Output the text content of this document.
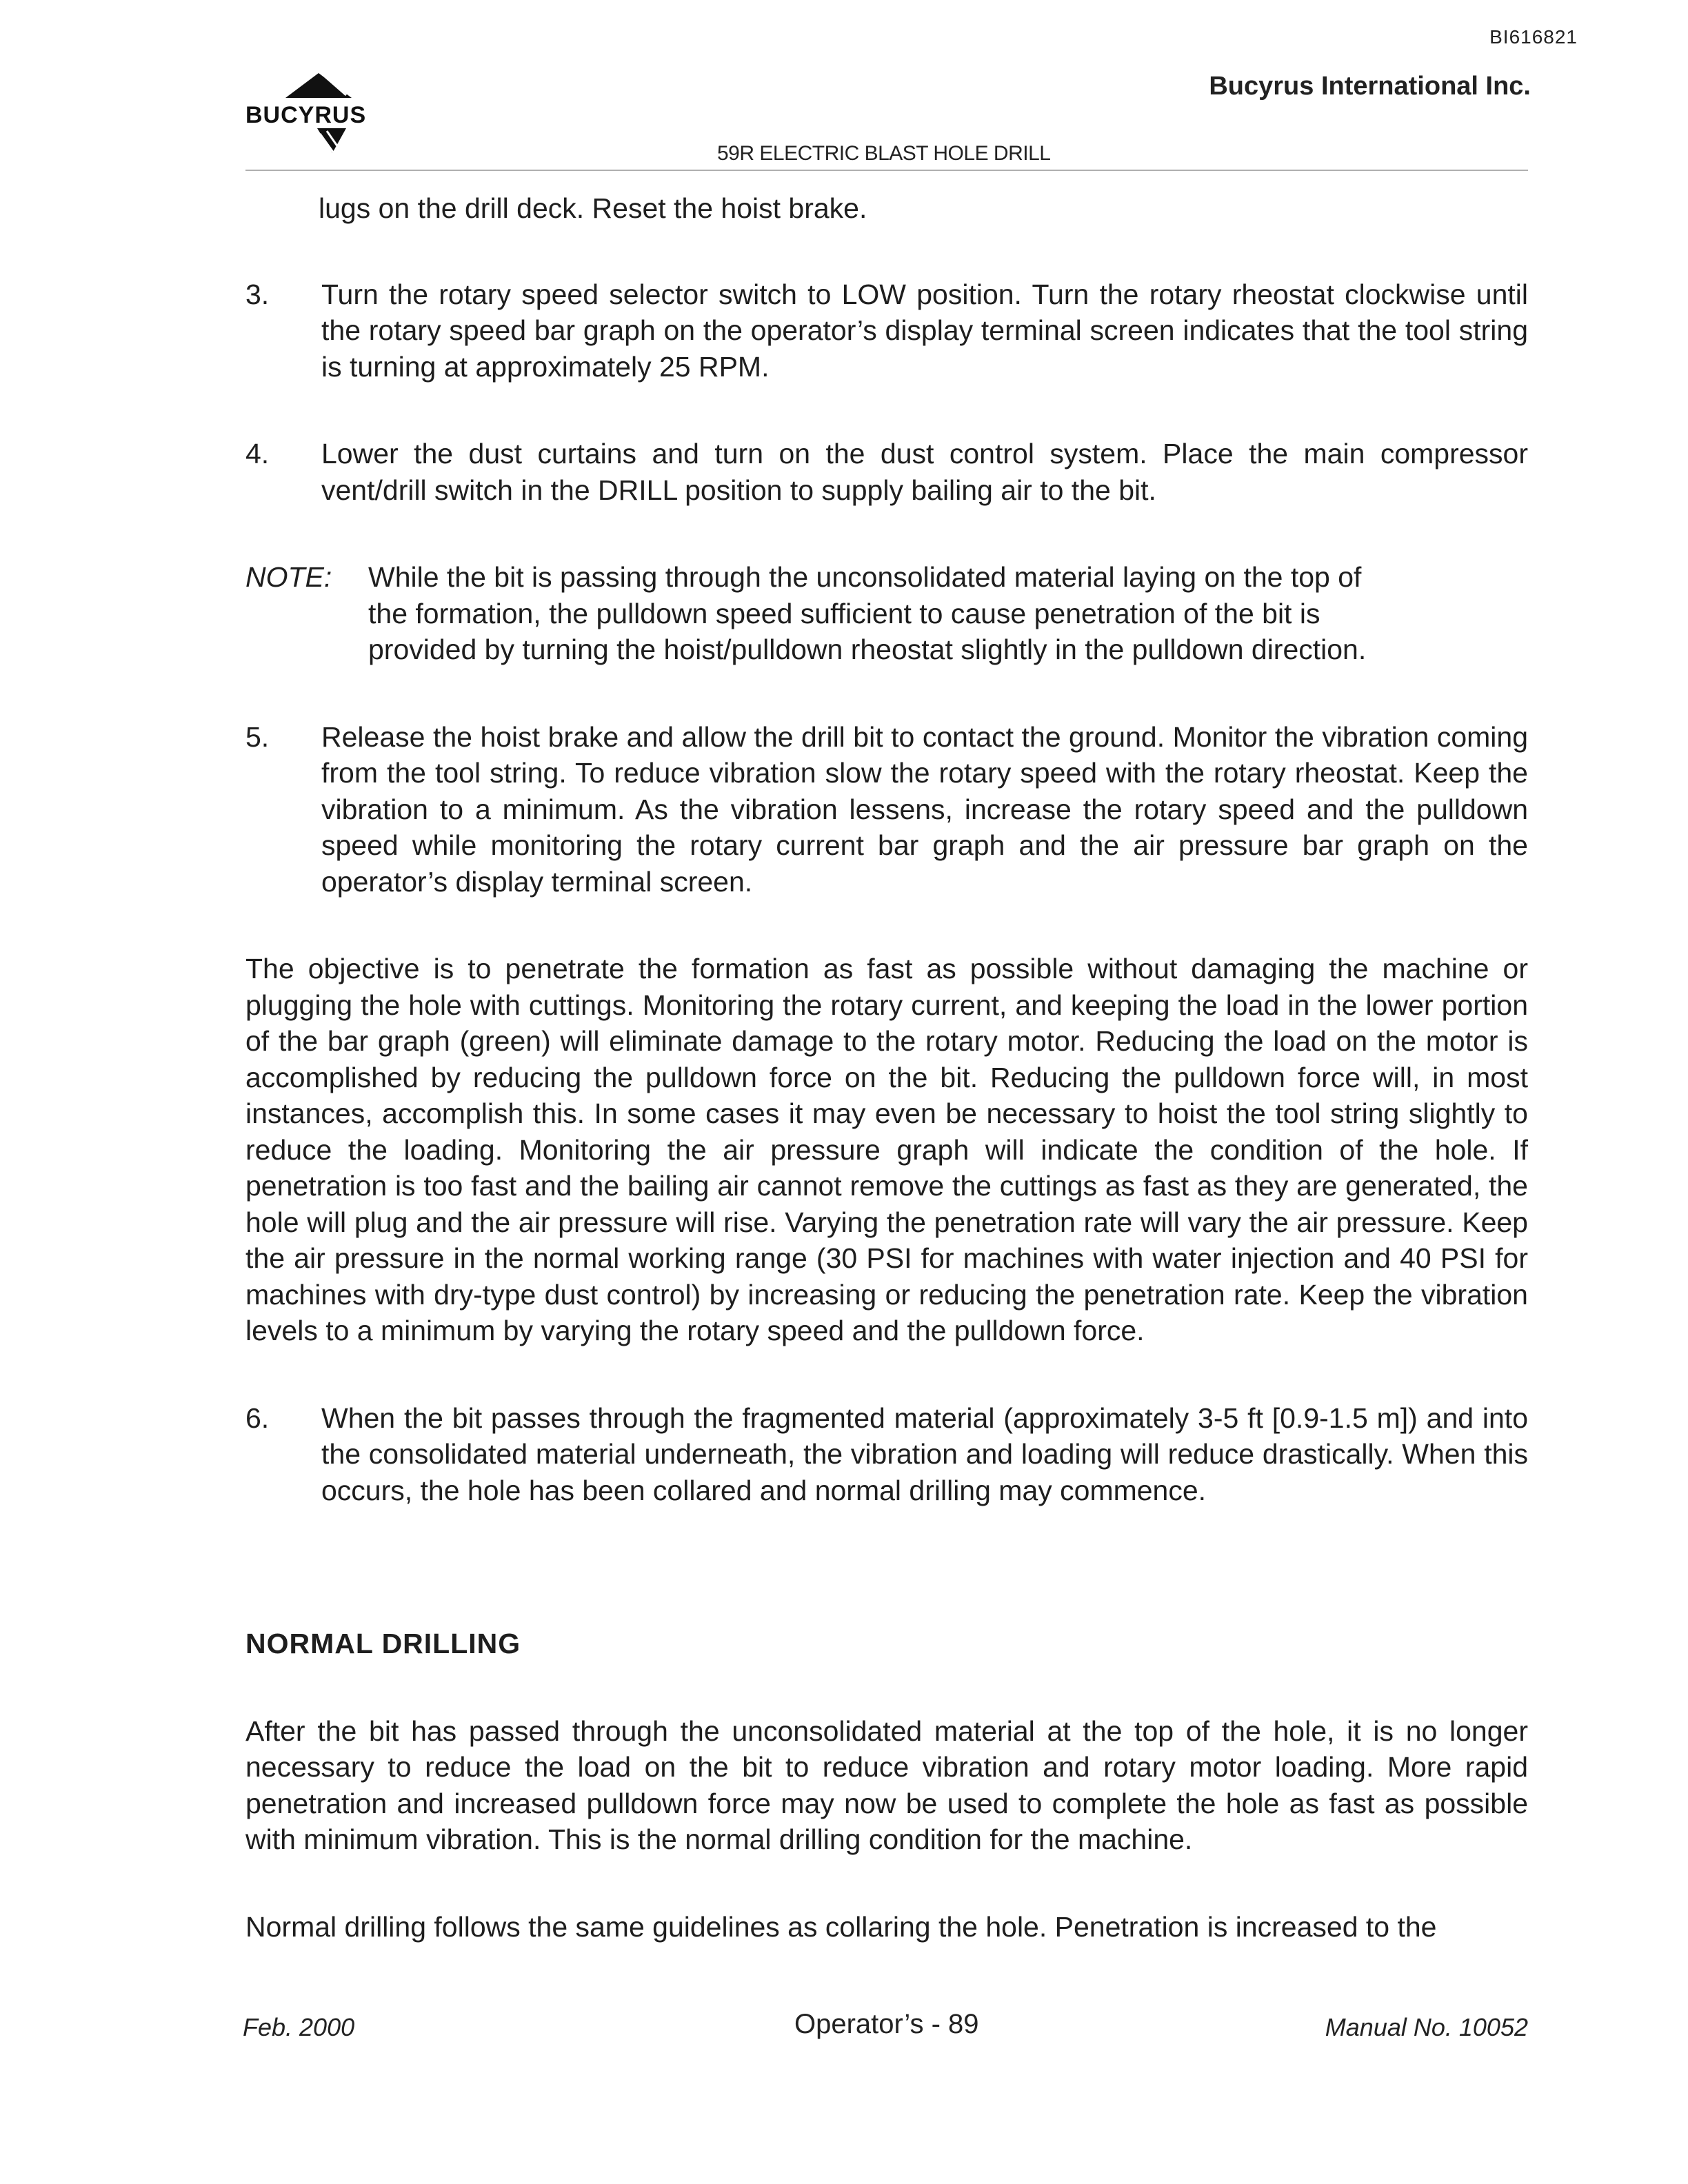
BI616821
BUCYRUS
Bucyrus International Inc.
59R ELECTRIC BLAST HOLE DRILL

lugs on the drill deck. Reset the hoist brake.

3.	Turn the rotary speed selector switch to LOW position. Turn the rotary rheostat clockwise until the rotary speed bar graph on the operator’s display terminal screen indicates that the tool string is turning at approximately 25 RPM.
4.	Lower the dust curtains and turn on the dust control system. Place the main compressor vent/drill switch in the DRILL position to supply bailing air to the bit.
NOTE:	While the bit is passing through the unconsolidated material laying on the top of the formation, the pulldown speed sufficient to cause penetration of the bit is provided by turning the hoist/pulldown rheostat slightly in the pulldown direction.
5.	Release the hoist brake and allow the drill bit to contact the ground. Monitor the vibration coming from the tool string. To reduce vibration slow the rotary speed with the rotary rheostat. Keep the vibration to a minimum. As the vibration lessens, increase the rotary speed and the pulldown speed while monitoring the rotary current bar graph and the air pressure bar graph on the operator’s display terminal screen.

The objective is to penetrate the formation as fast as possible without damaging the machine or plugging the hole with cuttings. Monitoring the rotary current, and keeping the load in the lower portion of the bar graph (green) will eliminate damage to the rotary motor. Reducing the load on the motor is accomplished by reducing the pulldown force on the bit. Reducing the pulldown force will, in most instances, accomplish this. In some cases it may even be necessary to hoist the tool string slightly to reduce the loading. Monitoring the air pressure graph will indicate the condition of the hole. If penetration is too fast and the bailing air cannot remove the cuttings as fast as they are generated, the hole will plug and the air pressure will rise. Varying the penetration rate will vary the air pressure. Keep the air pressure in the normal working range (30 PSI for machines with water injection and 40 PSI for machines with dry-type dust control) by increasing or reducing the penetration rate. Keep the vibration levels to a minimum by varying the rotary speed and the pulldown force.

6.	When the bit passes through the fragmented material (approximately 3-5 ft [0.9-1.5 m]) and into the consolidated material underneath, the vibration and loading will reduce drastically. When this occurs, the hole has been collared and normal drilling may commence.

NORMAL DRILLING

After the bit has passed through the unconsolidated material at the top of the hole, it is no longer necessary to reduce the load on the bit to reduce vibration and rotary motor loading. More rapid penetration and increased pulldown force may now be used to complete the hole as fast as possible with minimum vibration. This is the normal drilling condition for the machine.

Normal drilling follows the same guidelines as collaring the hole. Penetration is increased to the

Feb. 2000	Operator’s - 89	Manual No. 10052
